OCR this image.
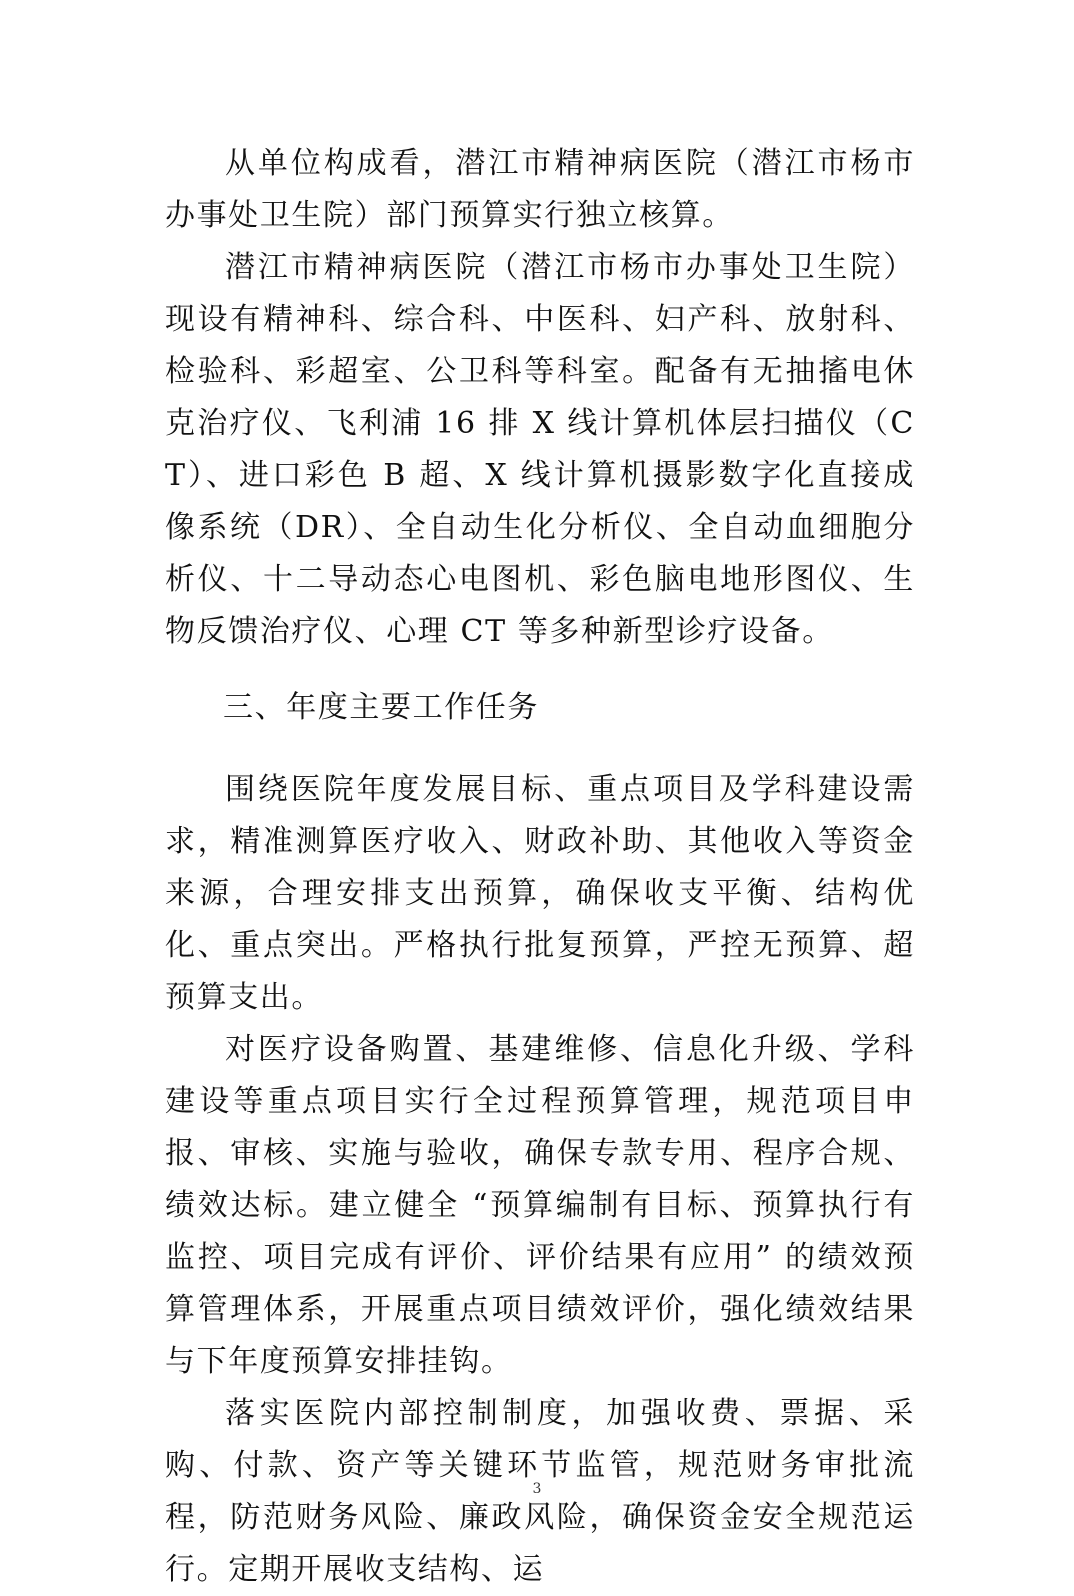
从单位构成看，潜江市精神病医院（潜江市杨市办事处卫生院）部门预算实行独立核算。

潜江市精神病医院（潜江市杨市办事处卫生院）现设有精神科、综合科、中医科、妇产科、放射科、检验科、彩超室、公卫科等科室。配备有无抽搐电休克治疗仪、飞利浦 16 排 X 线计算机体层扫描仪（CT）、进口彩色 B 超、X 线计算机摄影数字化直接成像系统（DR）、全自动生化分析仪、全自动血细胞分析仪、十二导动态心电图机、彩色脑电地形图仪、生物反馈治疗仪、心理 CT 等多种新型诊疗设备。

三、年度主要工作任务

围绕医院年度发展目标、重点项目及学科建设需求，精准测算医疗收入、财政补助、其他收入等资金来源，合理安排支出预算，确保收支平衡、结构优化、重点突出。严格执行批复预算，严控无预算、超预算支出。

对医疗设备购置、基建维修、信息化升级、学科建设等重点项目实行全过程预算管理，规范项目申报、审核、实施与验收，确保专款专用、程序合规、绩效达标。建立健全 “预算编制有目标、预算执行有监控、项目完成有评价、评价结果有应用” 的绩效预算管理体系，开展重点项目绩效评价，强化绩效结果与下年度预算安排挂钩。

落实医院内部控制制度，加强收费、票据、采购、付款、资产等关键环节监管，规范财务审批流程，防范财务风险、廉政风险，确保资金安全规范运行。定期开展收支结构、运

3
